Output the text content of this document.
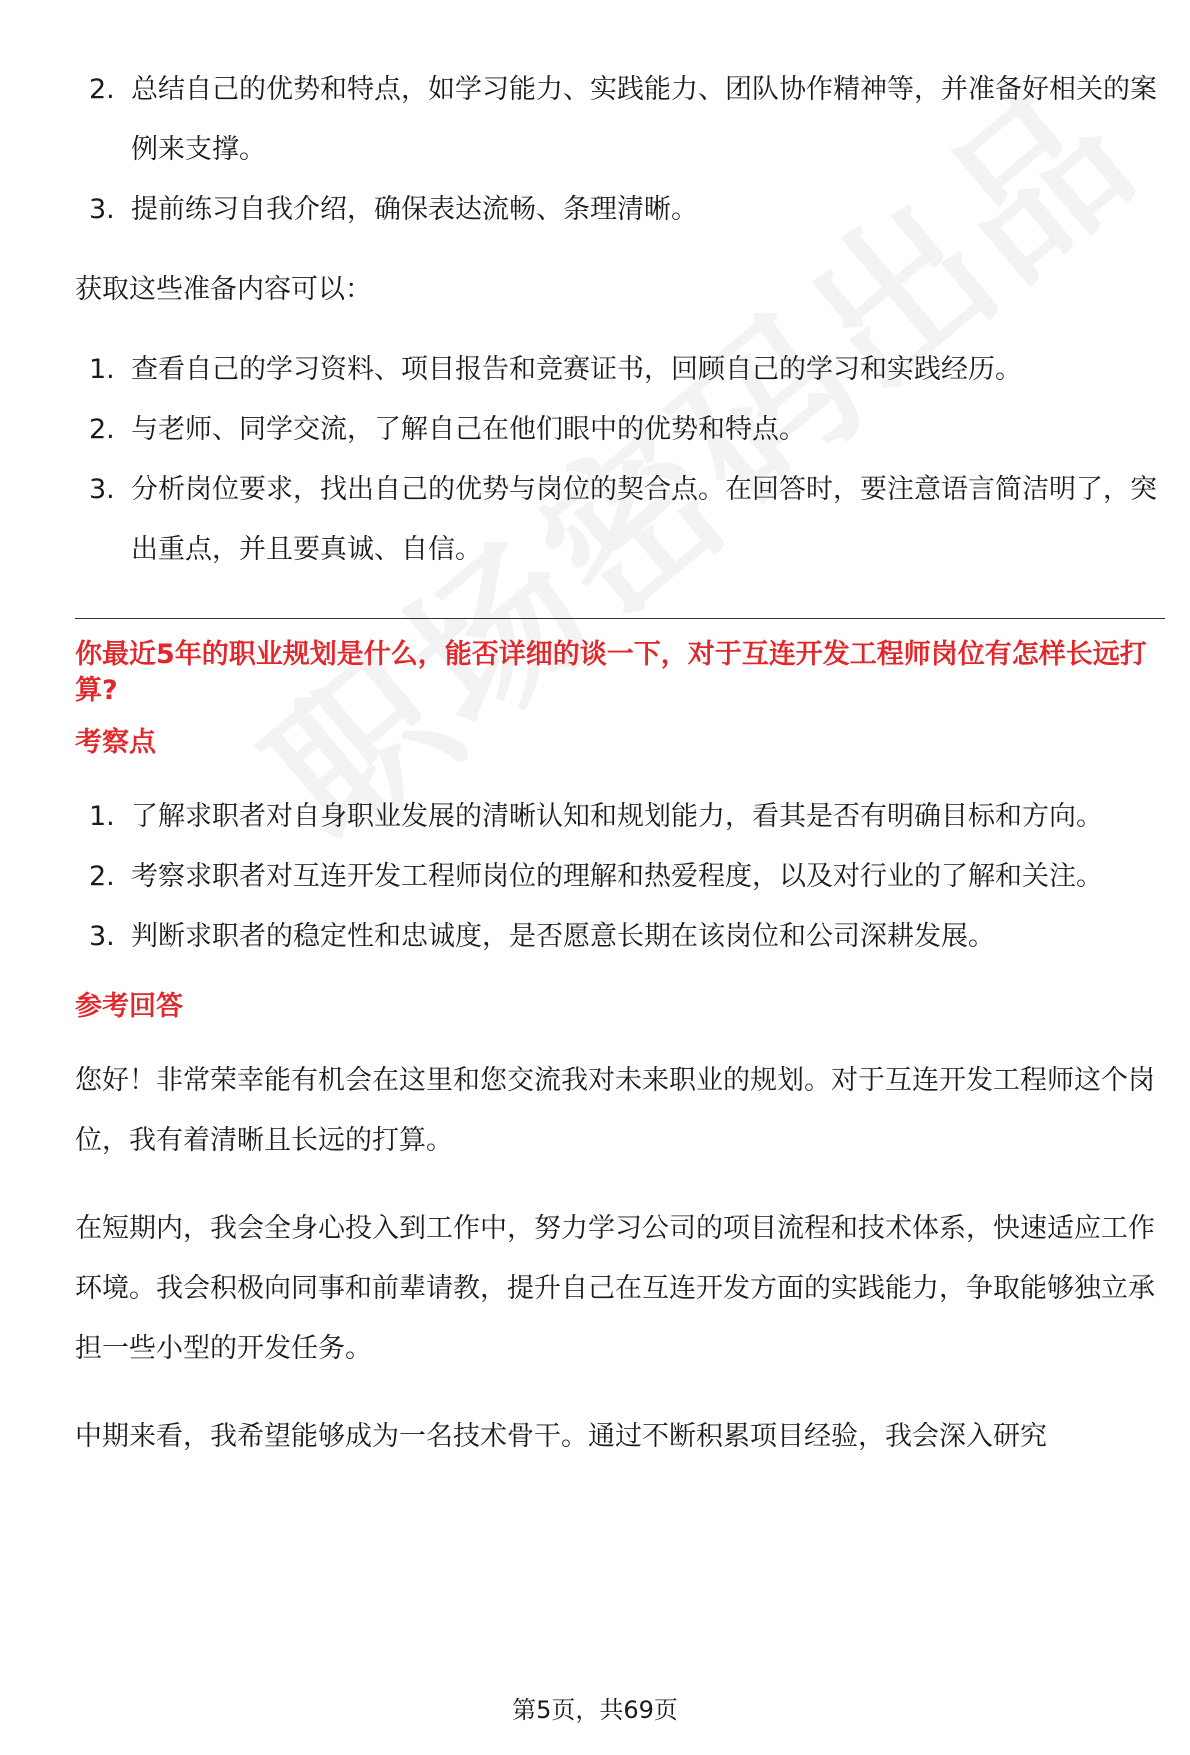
2. 总结自己的优势和特点，如学习能力、实践能力、团队协作精神等，并准备好相关的案例来支撑。
3. 提前练习自我介绍，确保表达流畅、条理清晰。

获取这些准备内容可以：

1. 查看自己的学习资料、项目报告和竞赛证书，回顾自己的学习和实践经历。
2. 与老师、同学交流，了解自己在他们眼中的优势和特点。
3. 分析岗位要求，找出自己的优势与岗位的契合点。在回答时，要注意语言简洁明了，突出重点，并且要真诚、自信。

你最近5年的职业规划是什么，能否详细的谈一下，对于互连开发工程师岗位有怎样长远打算?

考察点

1. 了解求职者对自身职业发展的清晰认知和规划能力，看其是否有明确目标和方向。
2. 考察求职者对互连开发工程师岗位的理解和热爱程度，以及对行业的了解和关注。
3. 判断求职者的稳定性和忠诚度，是否愿意长期在该岗位和公司深耕发展。

参考回答

您好！非常荣幸能有机会在这里和您交流我对未来职业的规划。对于互连开发工程师这个岗位，我有着清晰且长远的打算。

在短期内，我会全身心投入到工作中，努力学习公司的项目流程和技术体系，快速适应工作环境。我会积极向同事和前辈请教，提升自己在互连开发方面的实践能力，争取能够独立承担一些小型的开发任务。

中期来看，我希望能够成为一名技术骨干。通过不断积累项目经验，我会深入研究

第5页，共69页
